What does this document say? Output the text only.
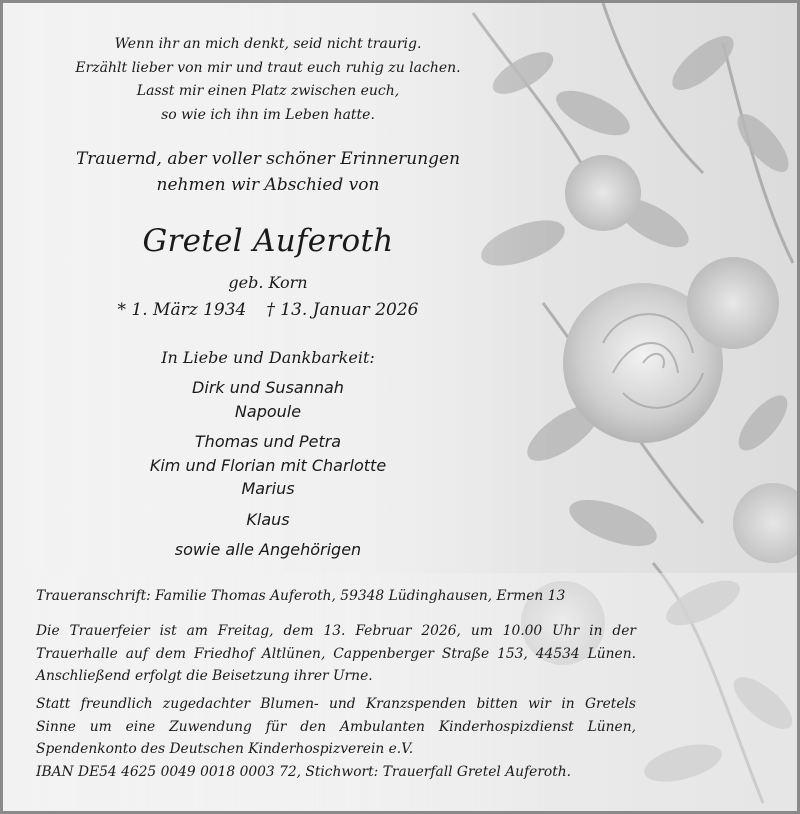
Wenn ihr an mich denkt, seid nicht traurig.
Erzählt lieber von mir und traut euch ruhig zu lachen.
Lasst mir einen Platz zwischen euch,
so wie ich ihn im Leben hatte.
Trauernd, aber voller schöner Erinnerungen
nehmen wir Abschied von
Gretel Auferoth
geb. Korn
* 1. März 1934 † 13. Januar 2026
In Liebe und Dankbarkeit:
Dirk und Susannah
Napoule
Thomas und Petra
Kim und Florian mit Charlotte
Marius
Klaus
sowie alle Angehörigen
Traueranschrift: Familie Thomas Auferoth, 59348 Lüdinghausen, Ermen 13
Die Trauerfeier ist am Freitag, dem 13. Februar 2026, um 10.00 Uhr in der
Trauerhalle auf dem Friedhof Altlünen, Cappenberger Straße 153, 44534 Lünen.
Anschließend erfolgt die Beisetzung ihrer Urne.
Statt freundlich zugedachter Blumen- und Kranzspenden bitten wir in Gretels
Sinne um eine Zuwendung für den Ambulanten Kinderhospizdienst Lünen,
Spendenkonto des Deutschen Kinderhospizverein e.V.
IBAN DE54 4625 0049 0018 0003 72, Stichwort: Trauerfall Gretel Auferoth.
